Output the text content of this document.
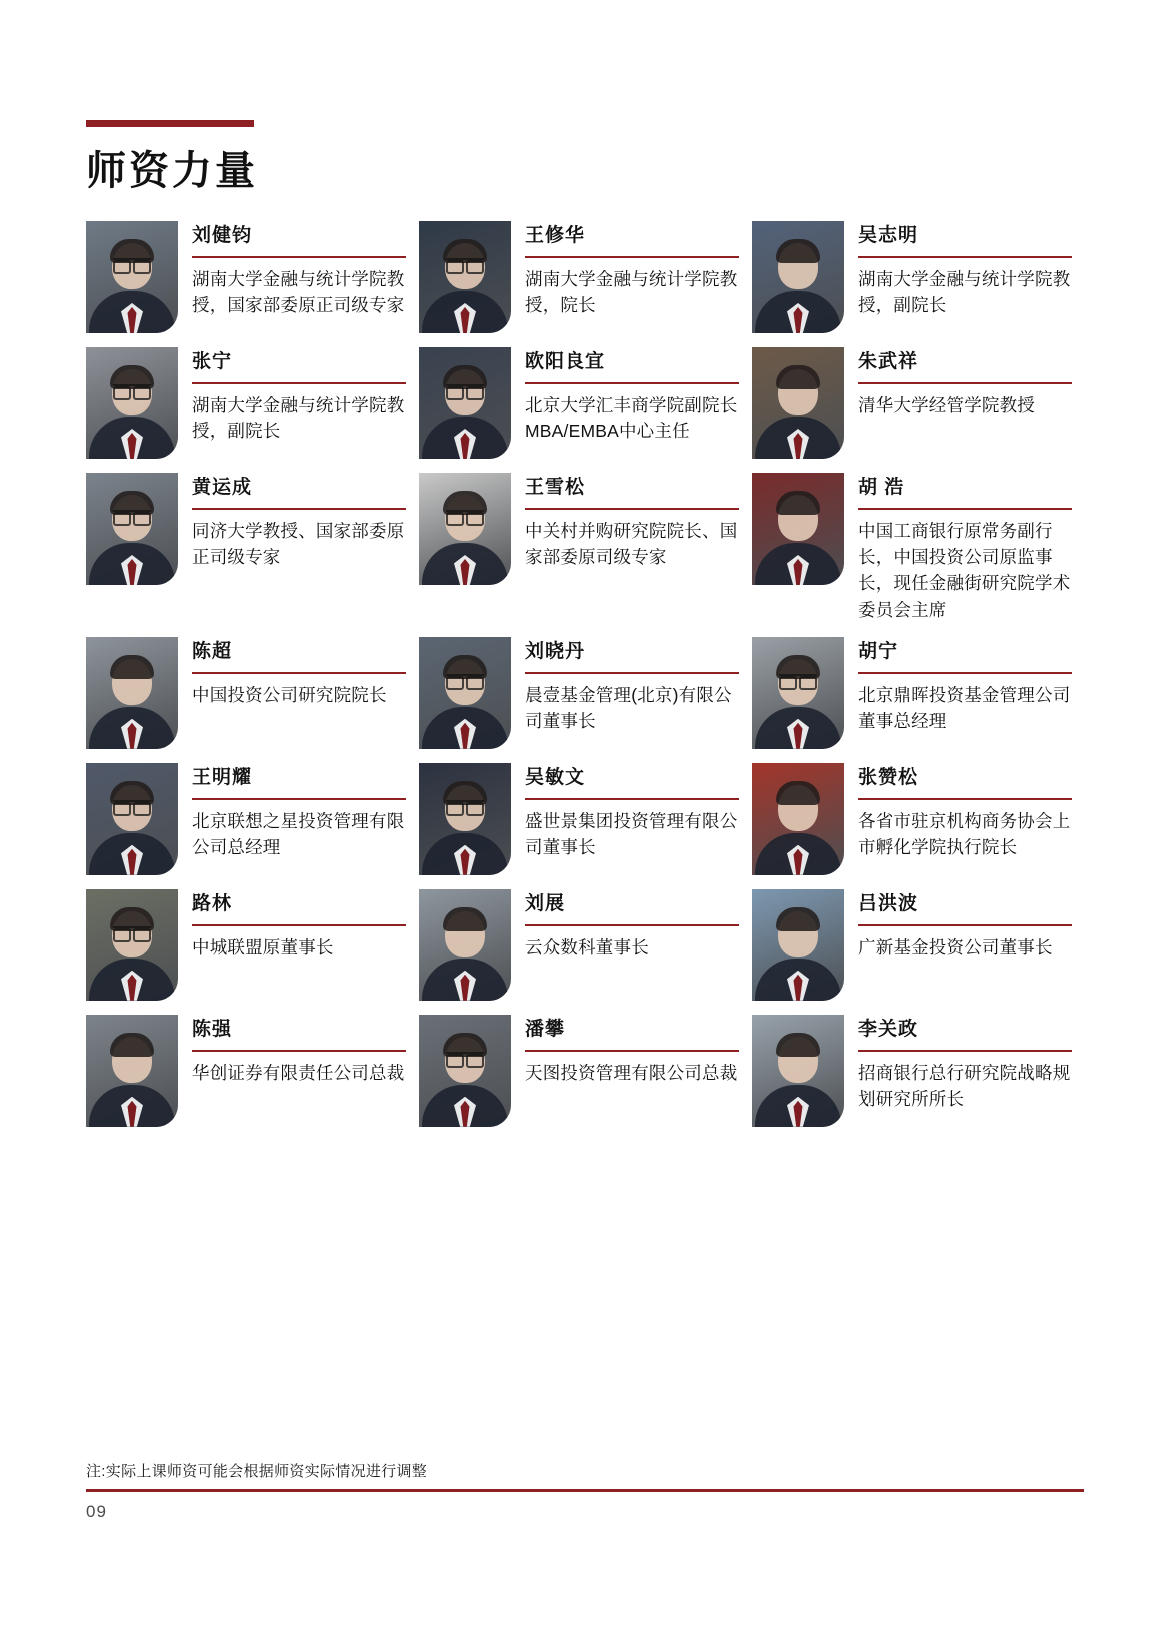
师资力量
刘健钧
湖南大学金融与统计学院教授，国家部委原正司级专家
王修华
湖南大学金融与统计学院教授，院长
吴志明
湖南大学金融与统计学院教授，副院长
张宁
湖南大学金融与统计学院教授，副院长
欧阳良宜
北京大学汇丰商学院副院长
MBA/EMBA中心主任
朱武祥
清华大学经管学院教授
黄运成
同济大学教授、国家部委原正司级专家
王雪松
中关村并购研究院院长、国家部委原司级专家
胡 浩
中国工商银行原常务副行长，中国投资公司原监事长，现任金融街研究院学术委员会主席
陈超
中国投资公司研究院院长
刘晓丹
晨壹基金管理(北京)有限公司董事长
胡宁
北京鼎晖投资基金管理公司董事总经理
王明耀
北京联想之星投资管理有限公司总经理
吴敏文
盛世景集团投资管理有限公司董事长
张赞松
各省市驻京机构商务协会上市孵化学院执行院长
路林
中城联盟原董事长
刘展
云众数科董事长
吕洪波
广新基金投资公司董事长
陈强
华创证券有限责任公司总裁
潘攀
天图投资管理有限公司总裁
李关政
招商银行总行研究院战略规划研究所所长
注:实际上课师资可能会根据师资实际情况进行调整
09
